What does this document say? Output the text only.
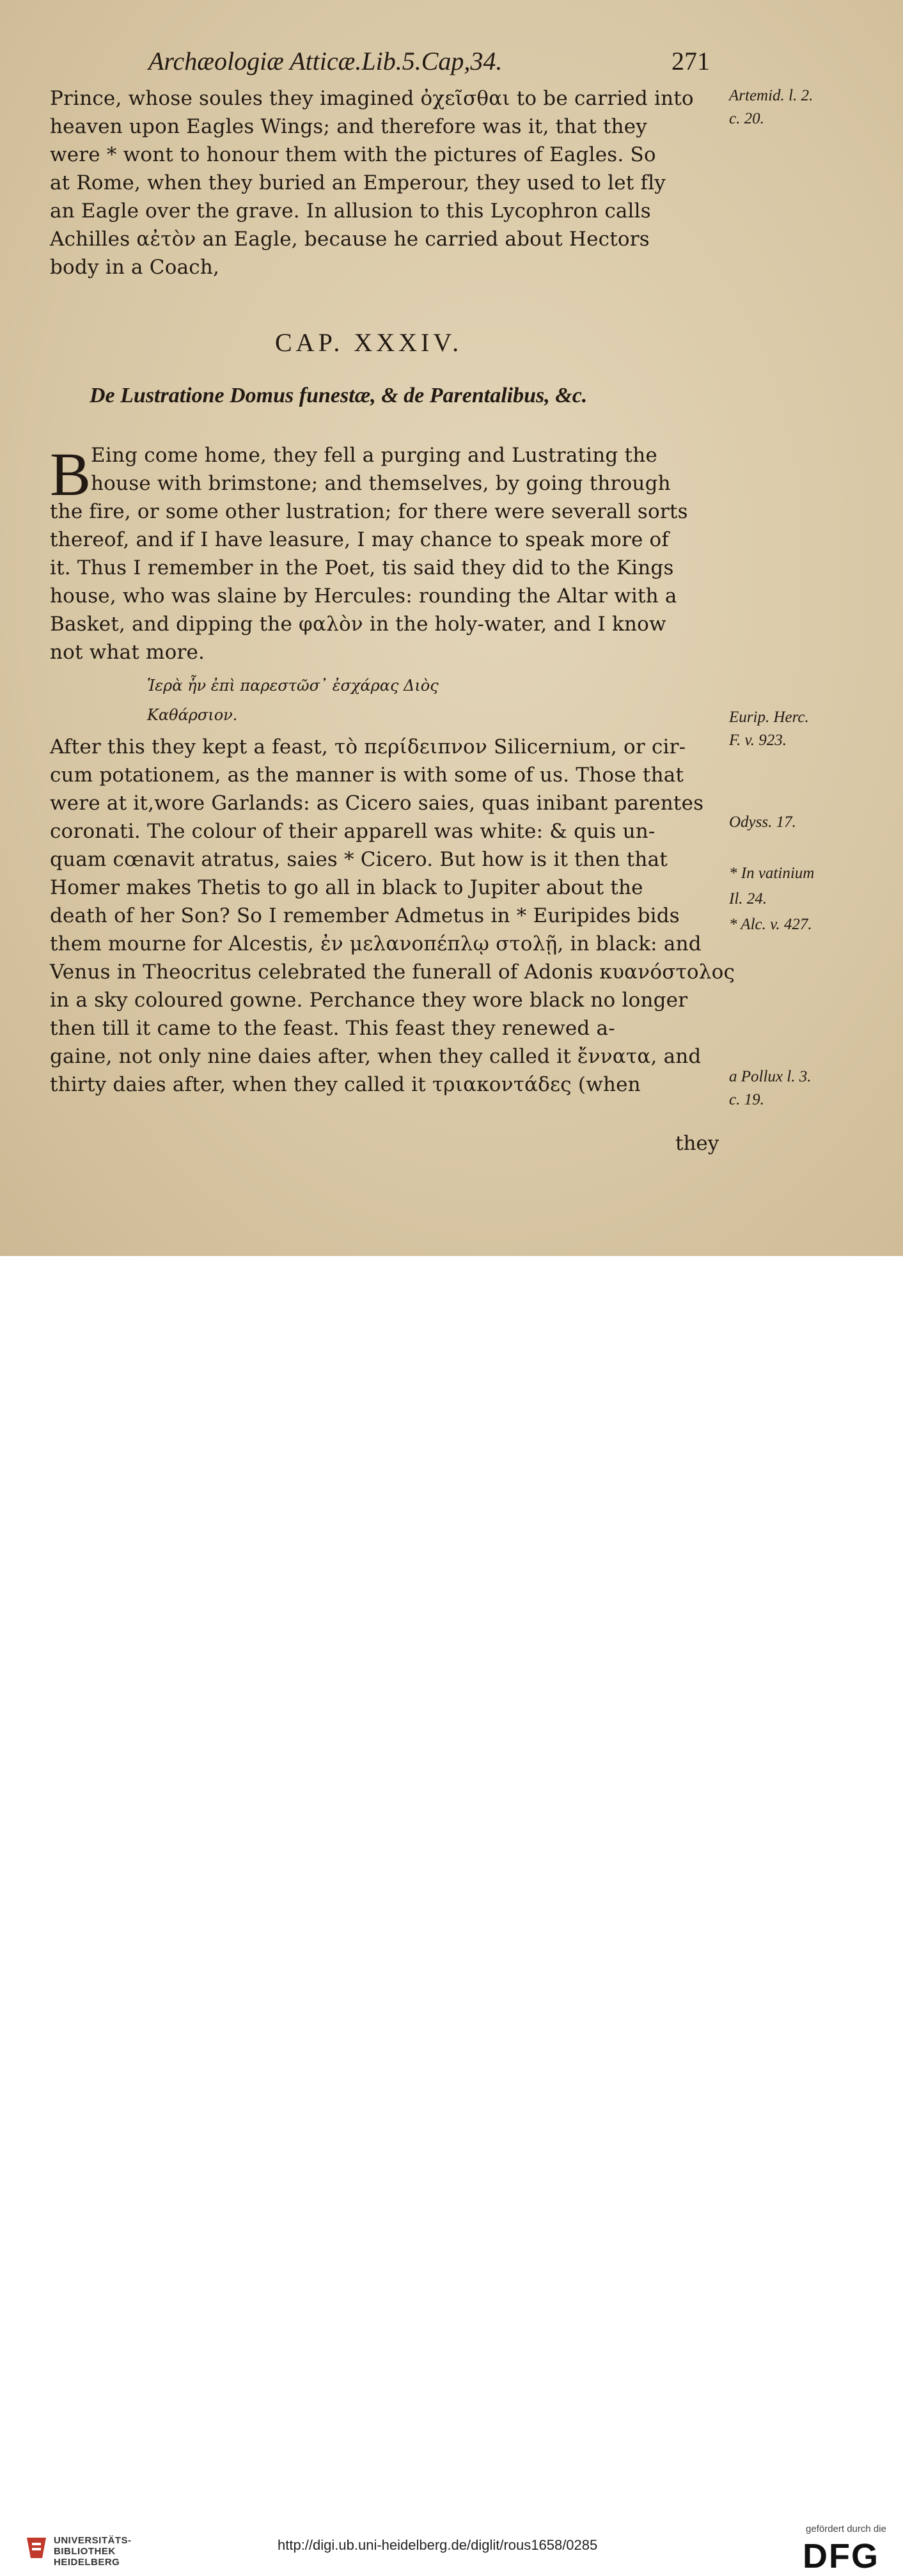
Archæologiæ Atticæ.Lib.5.Cap,34.	271
Prince, whose soules they imagined ὀχεῖσθαι to be carried into
heaven upon Eagles Wings; and therefore was it, that they
were * wont to honour them with the pictures of Eagles. So
at Rome, when they buried an Emperour, they used to let fly
an Eagle over the grave. In allusion to this Lycophron calls
Achilles αἐτὸν an Eagle, because he carried about Hectors
body in a Coach,
CAP. XXXIV.
De Lustratione Domus funestæ, & de Parentalibus, &c.
B Eing come home, they fell a purging and Lustrating the
house with brimstone; and themselves, by going through
the fire, or some other lustration; for there were severall sorts
thereof, and if I have leasure, I may chance to speak more of
it. Thus I remember in the Poet, tis said they did to the Kings
house, who was slaine by Hercules: rounding the Altar with a
Basket, and dipping the φαλὸν in the holy-water, and I know
not what more.
Ἱερὰ ἦν ἐπὶ παρεστῶσ᾽ ἐσχάρας Διὸς
Καθάρσιον.
After this they kept a feast, τὸ περίδειπνον Silicernium, or cir-
cum potationem, as the manner is with some of us. Those that
were at it,wore Garlands: as Cicero saies, quas inibant parentes
coronati. The colour of their apparell was white: & quis un-
quam cœnavit atratus, saies * Cicero. But how is it then that
Homer makes Thetis to go all in black to Jupiter about the
death of her Son? So I remember Admetus in * Euripides bids
them mourne for Alcestis, ἐν μελανοπέπλῳ στολῇ, in black: and
Venus in Theocritus celebrated the funerall of Adonis κυανόστολος
in a sky coloured gowne. Perchance they wore black no longer
then till it came to the feast. This feast they renewed a-
gaine, not only nine daies after, when they called it ἔννατα, and
thirty daies after, when they called it τριακοντάδες (when
they
Artemid. l. 2.
c. 20.
Eurip. Herc.
F. v. 923.
Odyss. 17.
* In vatinium
Il. 24.
* Alc. v. 427.
a Pollux l. 3.
c. 19.
UNIVERSITÄTS-
BIBLIOTHEK
HEIDELBERG
http://digi.ub.uni-heidelberg.de/diglit/rous1658/0285
gefördert durch die
DFG
